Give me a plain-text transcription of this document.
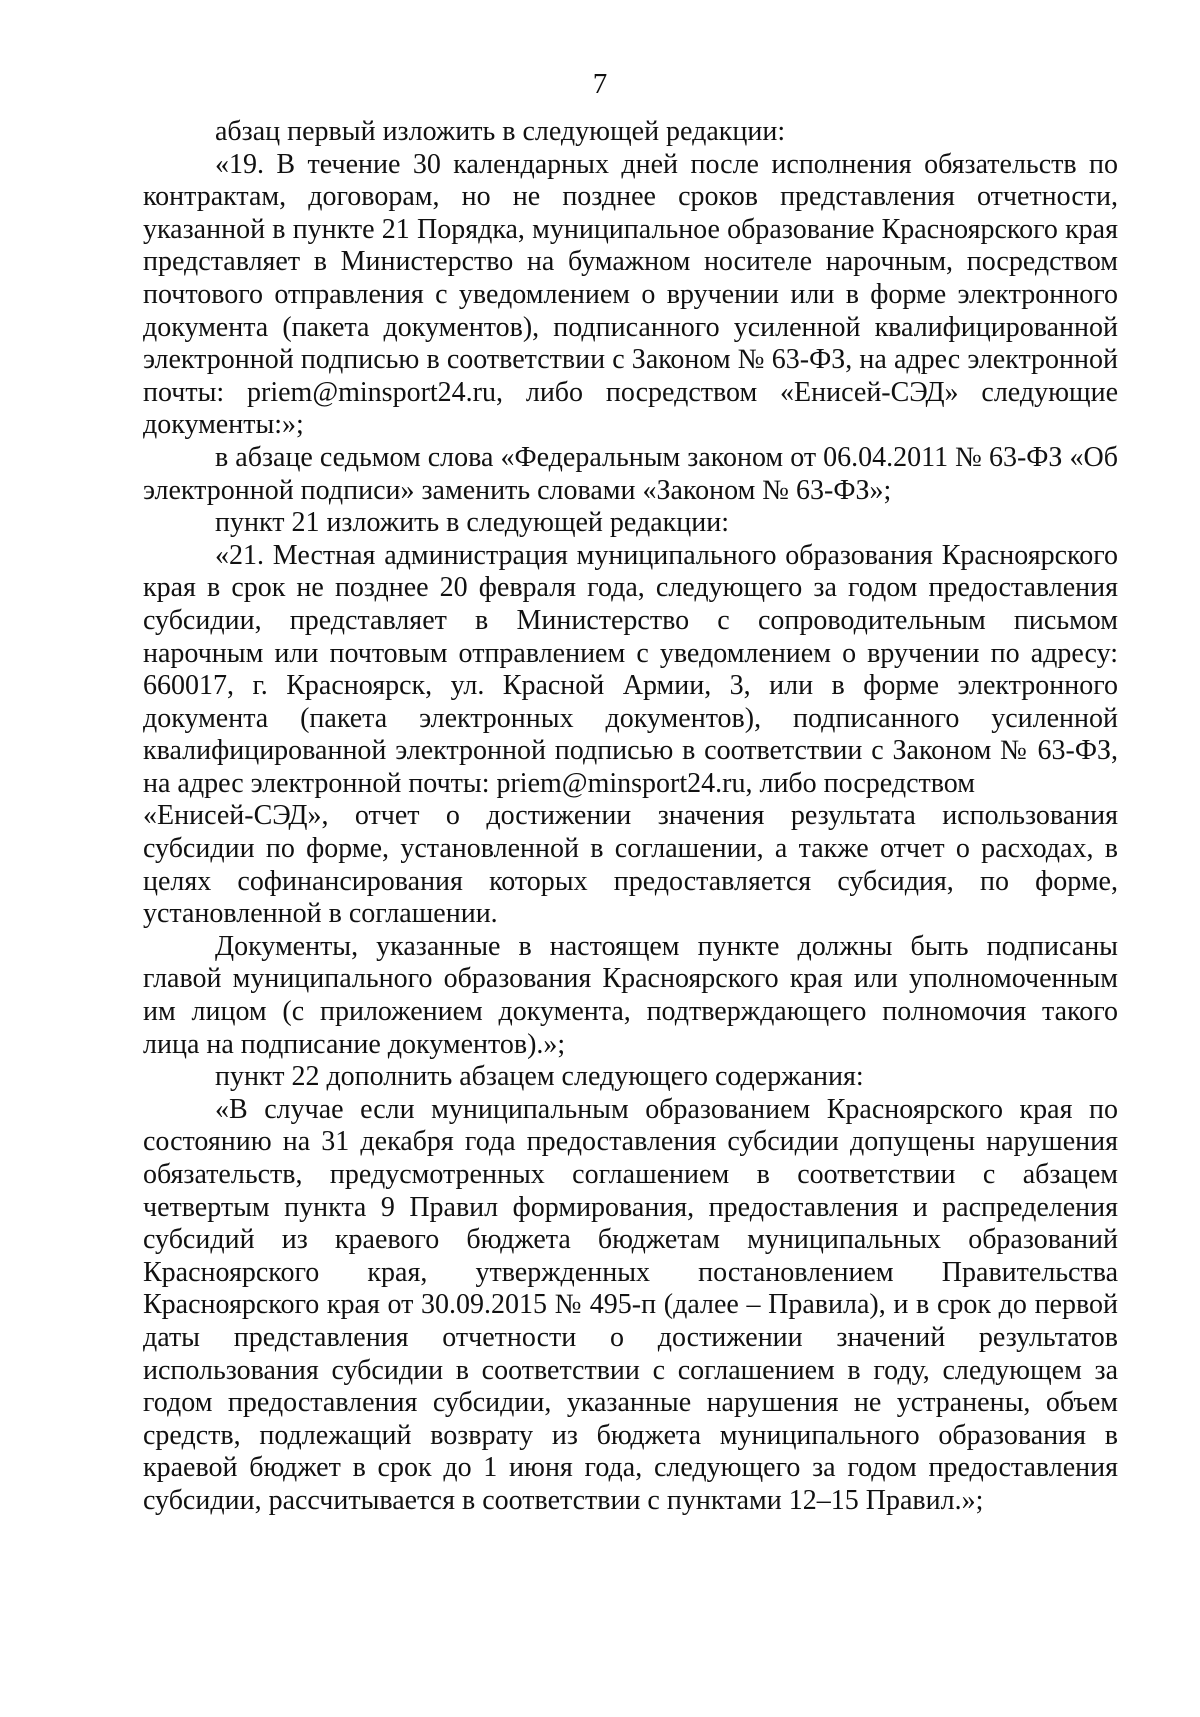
7

абзац первый изложить в следующей редакции:

«19. В течение 30 календарных дней после исполнения обязательств по контрактам, договорам, но не позднее сроков представления отчетности, указанной в пункте 21 Порядка, муниципальное образование Красноярского края представляет в Министерство на бумажном носителе нарочным, посредством почтового отправления с уведомлением о вручении или в форме электронного документа (пакета документов), подписанного усиленной квалифицированной электронной подписью в соответствии с Законом № 63-ФЗ, на адрес электронной почты: priem@minsport24.ru, либо посредством «Енисей-СЭД» следующие документы:»;

в абзаце седьмом слова «Федеральным законом от 06.04.2011 № 63-ФЗ «Об электронной подписи» заменить словами «Законом № 63-ФЗ»;

пункт 21 изложить в следующей редакции:

«21. Местная администрация муниципального образования Красноярского края в срок не позднее 20 февраля года, следующего за годом предоставления субсидии, представляет в Министерство с сопроводительным письмом нарочным или почтовым отправлением с уведомлением о вручении по адресу: 660017, г. Красноярск, ул. Красной Армии, 3, или в форме электронного документа (пакета электронных документов), подписанного усиленной квалифицированной электронной подписью в соответствии с Законом № 63-ФЗ, на адрес электронной почты: priem@minsport24.ru, либо посредством

«Енисей-СЭД», отчет о достижении значения результата использования субсидии по форме, установленной в соглашении, а также отчет о расходах, в целях софинансирования которых предоставляется субсидия, по форме, установленной в соглашении.

Документы, указанные в настоящем пункте должны быть подписаны главой муниципального образования Красноярского края или уполномоченным им лицом (с приложением документа, подтверждающего полномочия такого лица на подписание документов).»;

пункт 22 дополнить абзацем следующего содержания:

«В случае если муниципальным образованием Красноярского края по состоянию на 31 декабря года предоставления субсидии допущены нарушения обязательств, предусмотренных соглашением в соответствии с абзацем четвертым пункта 9 Правил формирования, предоставления и распределения субсидий из краевого бюджета бюджетам муниципальных образований Красноярского края, утвержденных постановлением Правительства Красноярского края от 30.09.2015 № 495-п (далее – Правила), и в срок до первой даты представления отчетности о достижении значений результатов использования субсидии в соответствии с соглашением в году, следующем за годом предоставления субсидии, указанные нарушения не устранены, объем средств, подлежащий возврату из бюджета муниципального образования в краевой бюджет в срок до 1 июня года, следующего за годом предоставления субсидии, рассчитывается в соответствии с пунктами 12–15 Правил.»;
